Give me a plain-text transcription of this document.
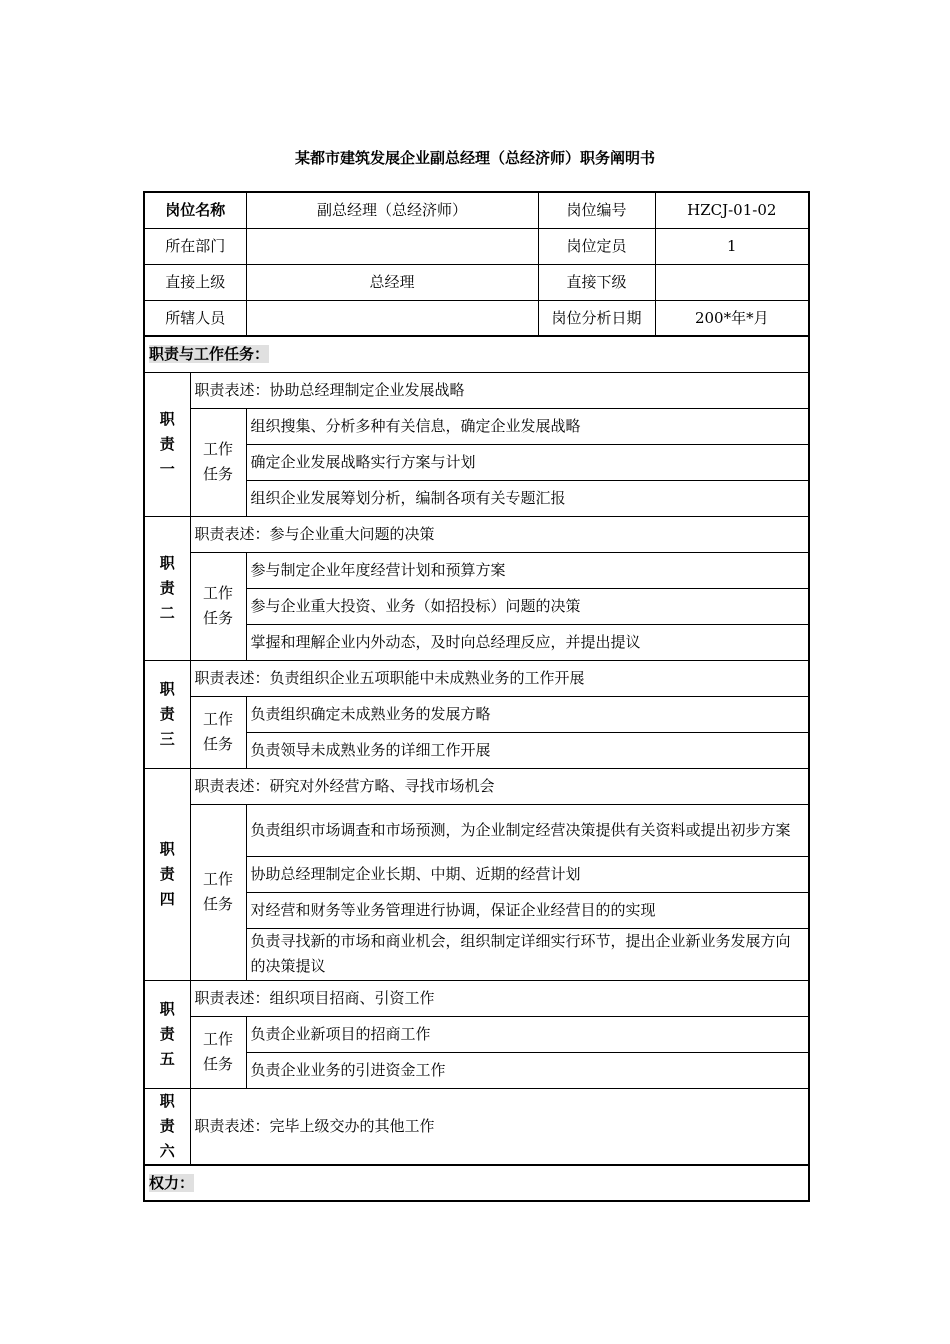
某都市建筑发展企业副总经理（总经济师）职务阐明书
岗位名称		副总经理（总经济师）	岗位编号	HZCJ-01-02
所在部门			岗位定员	1
直接上级		总经理	直接下级	
所辖人员			岗位分析日期	200*年*月
职责与工作任务：				
职责一	职责表述：协助总经理制定企业发展战略			
	工作任务	组织搜集、分析多种有关信息，确定企业发展战略		
		确定企业发展战略实行方案与计划		
		组织企业发展筹划分析，编制各项有关专题汇报		
职责二	职责表述：参与企业重大问题的决策			
	工作任务	参与制定企业年度经营计划和预算方案		
		参与企业重大投资、业务（如招投标）问题的决策		
		掌握和理解企业内外动态，及时向总经理反应，并提出提议		
职责三	职责表述：负责组织企业五项职能中未成熟业务的工作开展			
	工作任务	负责组织确定未成熟业务的发展方略		
		负责领导未成熟业务的详细工作开展		
职责四	职责表述：研究对外经营方略、寻找市场机会			
	工作任务	负责组织市场调查和市场预测，为企业制定经营决策提供有关资料或提出初步方案		
		协助总经理制定企业长期、中期、近期的经营计划		
		对经营和财务等业务管理进行协调，保证企业经营目的的实现		
		负责寻找新的市场和商业机会，组织制定详细实行环节，提出企业新业务发展方向的决策提议		
职责五	职责表述：组织项目招商、引资工作			
	工作任务	负责企业新项目的招商工作		
		负责企业业务的引进资金工作		
职责六	职责表述：完毕上级交办的其他工作			
权力：				
